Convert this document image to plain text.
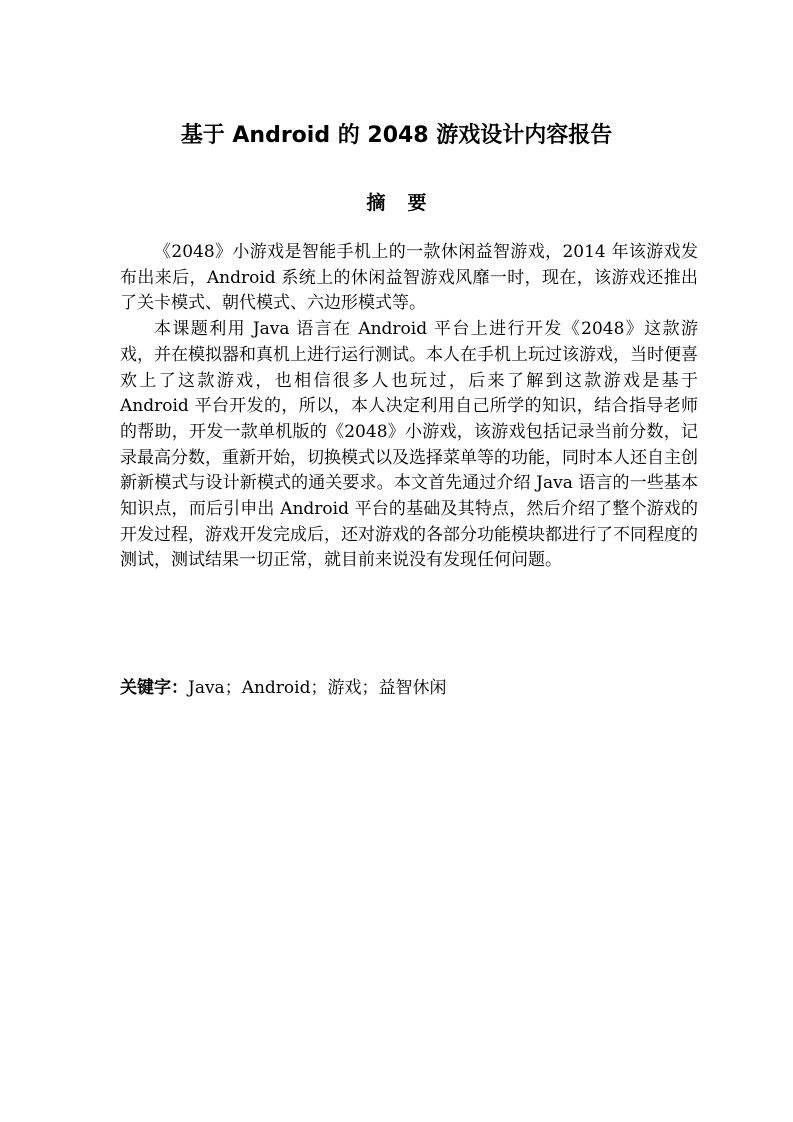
基于 Android 的 2048 游戏设计内容报告
摘要

《2048》小游戏是智能手机上的一款休闲益智游戏，2014 年该游戏发布出来后，Android 系统上的休闲益智游戏风靡一时，现在，该游戏还推出了关卡模式、朝代模式、六边形模式等。

本课题利用 Java 语言在 Android 平台上进行开发《2048》这款游戏，并在模拟器和真机上进行运行测试。本人在手机上玩过该游戏，当时便喜欢上了这款游戏，也相信很多人也玩过，后来了解到这款游戏是基于 Android 平台开发的，所以，本人决定利用自己所学的知识，结合指导老师的帮助，开发一款单机版的《2048》小游戏，该游戏包括记录当前分数，记录最高分数，重新开始，切换模式以及选择菜单等的功能，同时本人还自主创新新模式与设计新模式的通关要求。本文首先通过介绍 Java 语言的一些基本知识点，而后引申出 Android 平台的基础及其特点，然后介绍了整个游戏的开发过程，游戏开发完成后，还对游戏的各部分功能模块都进行了不同程度的测试，测试结果一切正常，就目前来说没有发现任何问题。

关键字：Java；Android；游戏；益智休闲
